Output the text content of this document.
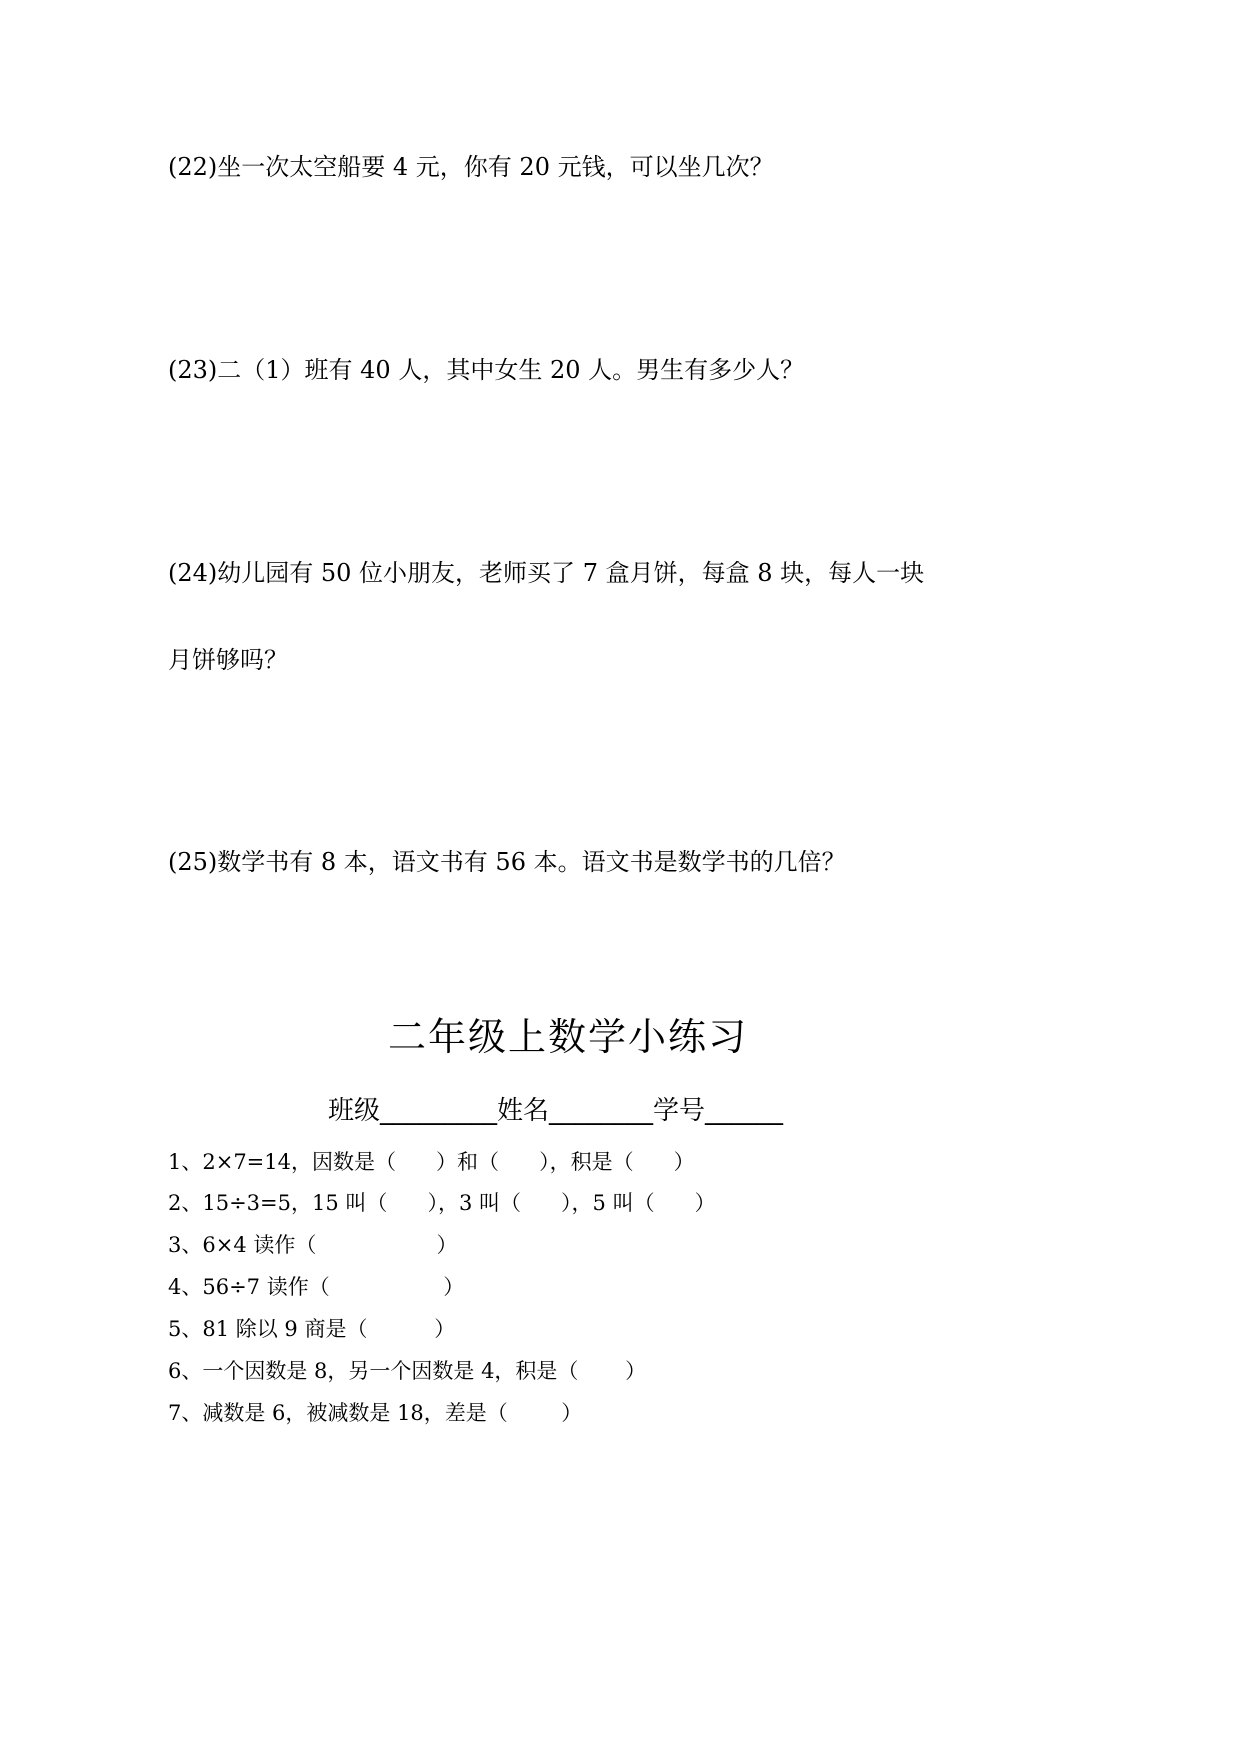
(22)坐一次太空船要 4 元，你有 20 元钱，可以坐几次？
(23)二（1）班有 40 人，其中女生 20 人。男生有多少人？
(24)幼儿园有 50 位小朋友，老师买了 7 盒月饼，每盒 8 块，每人一块
月饼够吗？
(25)数学书有 8 本，语文书有 56 本。语文书是数学书的几倍？
二年级上数学小练习
班级_________姓名________学号______
1、2×7=14，因数是（      ）和（      ），积是（      ）
2、15÷3=5，15 叫（      ），3 叫（      ），5 叫（      ）
3、6×4 读作（                  ）
4、56÷7 读作（                 ）
5、81 除以 9 商是（          ）
6、一个因数是 8，另一个因数是 4，积是（       ）
7、减数是 6，被减数是 18，差是（        ）
